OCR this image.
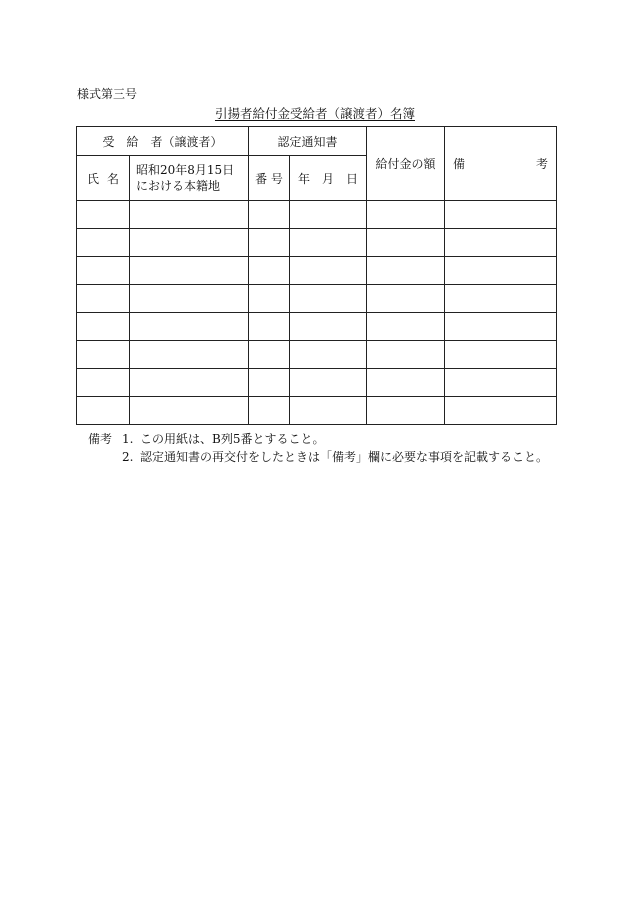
様式第三号
引揚者給付金受給者（譲渡者）名簿
受　給　者（譲渡者）		認定通知書		給付金の額	備 考

氏 名	昭和20年8月15日における本籍地	番 号	年 月 日		

備考 1. この用紙は、B列5番とすること。
2. 認定通知書の再交付をしたときは「備考」欄に必要な事項を記載すること。
